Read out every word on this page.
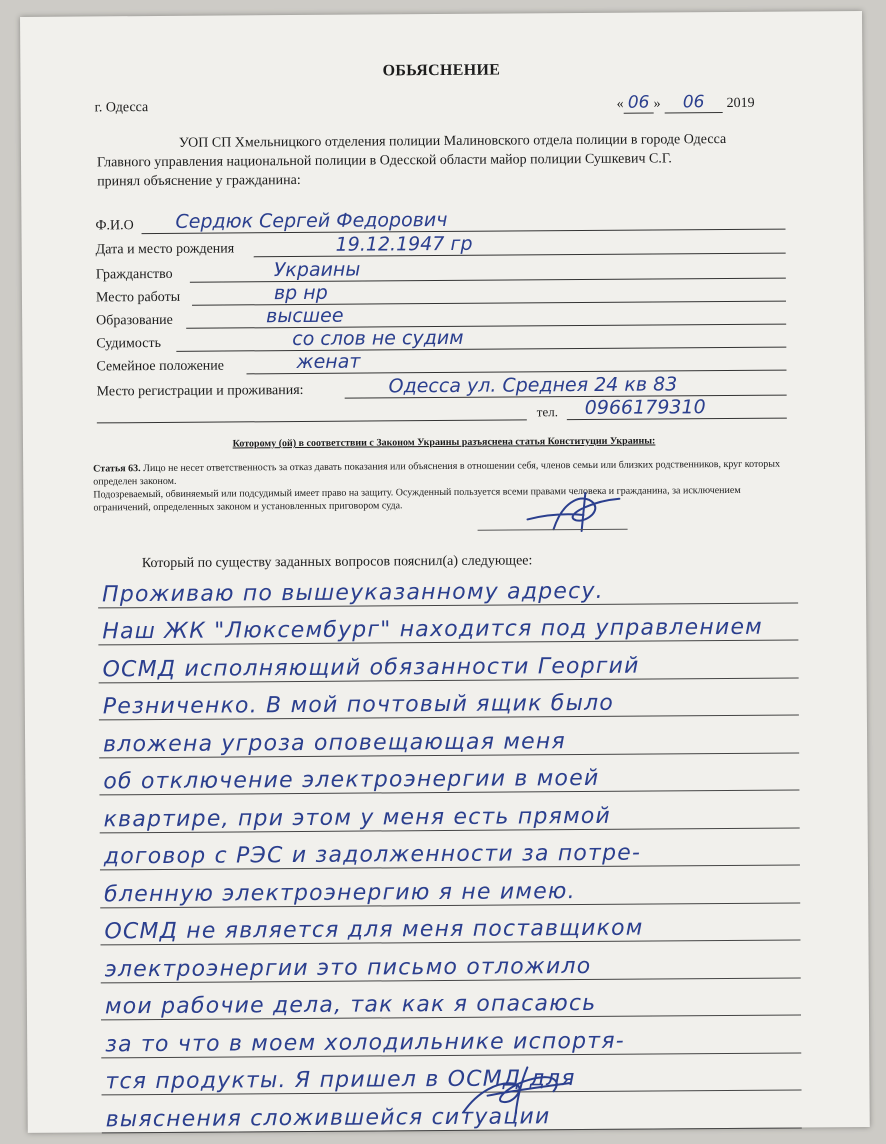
ОБЬЯСНЕНИЕ
г. Одесса	« 06 » 06 2019

УОП СП Хмельницкого отделения полиции Малиновского отдела полиции в городе Одесса

Главного управления национальной полиции в Одесской области майор полиции Сушкевич С.Г.

принял объяснение у гражданина:

Ф.И.О Сердюк Сергей Федорович
Дата и место рождения	19.12.1947 гр
Гражданство	Украины
Место работы	вр нр
Образование	высшее
Судимость	со слов не судим
Семейное положение	женат
Место регистрации и проживания:	Одесса ул. Среднея 24 кв 83
тел. 0966179310
Которому (ой) в соответствии с Законом Украины разъяснена статья Конституции Украины:

Статья 63. Лицо не несет ответственность за отказ давать показания или объяснения в отношении себя, членов семьи или близких родственников, круг которых определен законом.

Подозреваемый, обвиняемый или подсудимый имеет право на защиту. Осужденный пользуется всеми правами человека и гражданина, за исключением ограничений, определенных законом и установленных приговором суда.

Который по существу заданных вопросов пояснил(а) следующее:
Проживаю по вышеуказанному адресу.
Наш ЖК "Люксембург" находится под управлением
ОСМД исполняющий обязанности Георгий
Резниченко. В мой почтовый ящик было
вложена угроза оповещающая меня
об отключение электроэнергии в моей
квартире, при этом у меня есть прямой
договор с РЭС и задолженности за потре-
бленную электроэнергию я не имею.
ОСМД не является для меня поставщиком
электроэнергии это письмо отложило
мои рабочие дела, так как я опасаюсь
за то что в моем холодильнике испортя-
тся продукты. Я пришел в ОСМД для
выяснения сложившейся ситуации
